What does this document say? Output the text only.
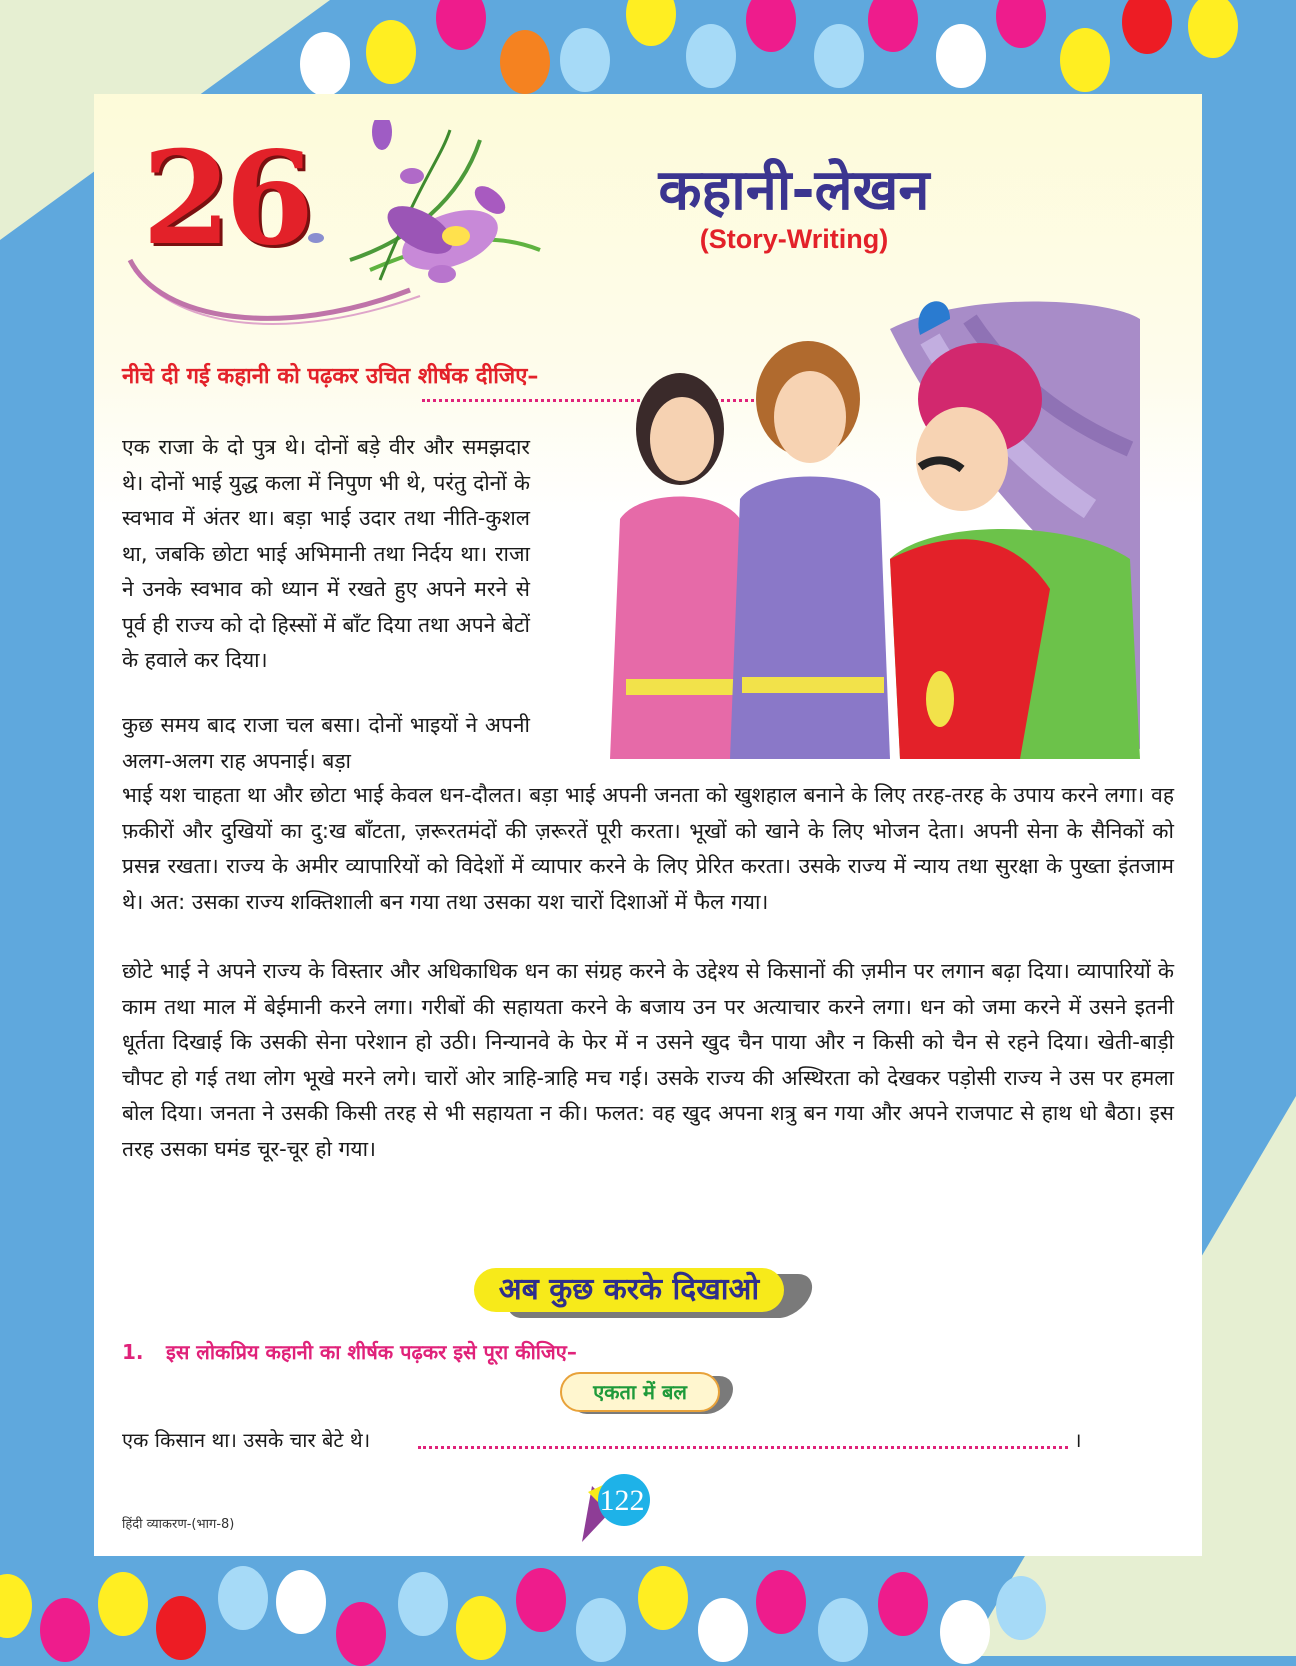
26	कहानी-लेखन
(Story-Writing)
नीचे दी गई कहानी को पढ़कर उचित शीर्षक दीजिए–

एक राजा के दो पुत्र थे। दोनों बड़े वीर और समझदार थे। दोनों भाई युद्ध कला में निपुण भी थे, परंतु दोनों के स्वभाव में अंतर था। बड़ा भाई उदार तथा नीति-कुशल था, जबकि छोटा भाई अभिमानी तथा निर्दय था। राजा ने उनके स्वभाव को ध्यान में रखते हुए अपने मरने से पूर्व ही राज्य को दो हिस्सों में बाँट दिया तथा अपने बेटों के हवाले कर दिया।

कुछ समय बाद राजा चल बसा। दोनों भाइयों ने अपनी अलग-अलग राह अपनाई। बड़ा

भाई यश चाहता था और छोटा भाई केवल धन-दौलत। बड़ा भाई अपनी जनता को खुशहाल बनाने के लिए तरह-तरह के उपाय करने लगा। वह फ़कीरों और दुखियों का दु:ख बाँटता, ज़रूरतमंदों की ज़रूरतें पूरी करता। भूखों को खाने के लिए भोजन देता। अपनी सेना के सैनिकों को प्रसन्न रखता। राज्य के अमीर व्यापारियों को विदेशों में व्यापार करने के लिए प्रेरित करता। उसके राज्य में न्याय तथा सुरक्षा के पुख्ता इंतजाम थे। अत: उसका राज्य शक्तिशाली बन गया तथा उसका यश चारों दिशाओं में फैल गया।

छोटे भाई ने अपने राज्य के विस्तार और अधिकाधिक धन का संग्रह करने के उद्देश्य से किसानों की ज़मीन पर लगान बढ़ा दिया। व्यापारियों के काम तथा माल में बेईमानी करने लगा। गरीबों की सहायता करने के बजाय उन पर अत्याचार करने लगा। धन को जमा करने में उसने इतनी धूर्तता दिखाई कि उसकी सेना परेशान हो उठी। निन्यानवे के फेर में न उसने खुद चैन पाया और न किसी को चैन से रहने दिया। खेती-बाड़ी चौपट हो गई तथा लोग भूखे मरने लगे। चारों ओर त्राहि-त्राहि मच गई। उसके राज्य की अस्थिरता को देखकर पड़ोसी राज्य ने उस पर हमला बोल दिया। जनता ने उसकी किसी तरह से भी सहायता न की। फलत: वह खुद अपना शत्रु बन गया और अपने राजपाट से हाथ धो बैठा। इस तरह उसका घमंड चूर-चूर हो गया।

अब कुछ करके दिखाओ
1. इस लोकप्रिय कहानी का शीर्षक पढ़कर इसे पूरा कीजिए–
एकता में बल
एक किसान था। उसके चार बेटे थे।	।
122
हिंदी व्याकरण-(भाग-8)
